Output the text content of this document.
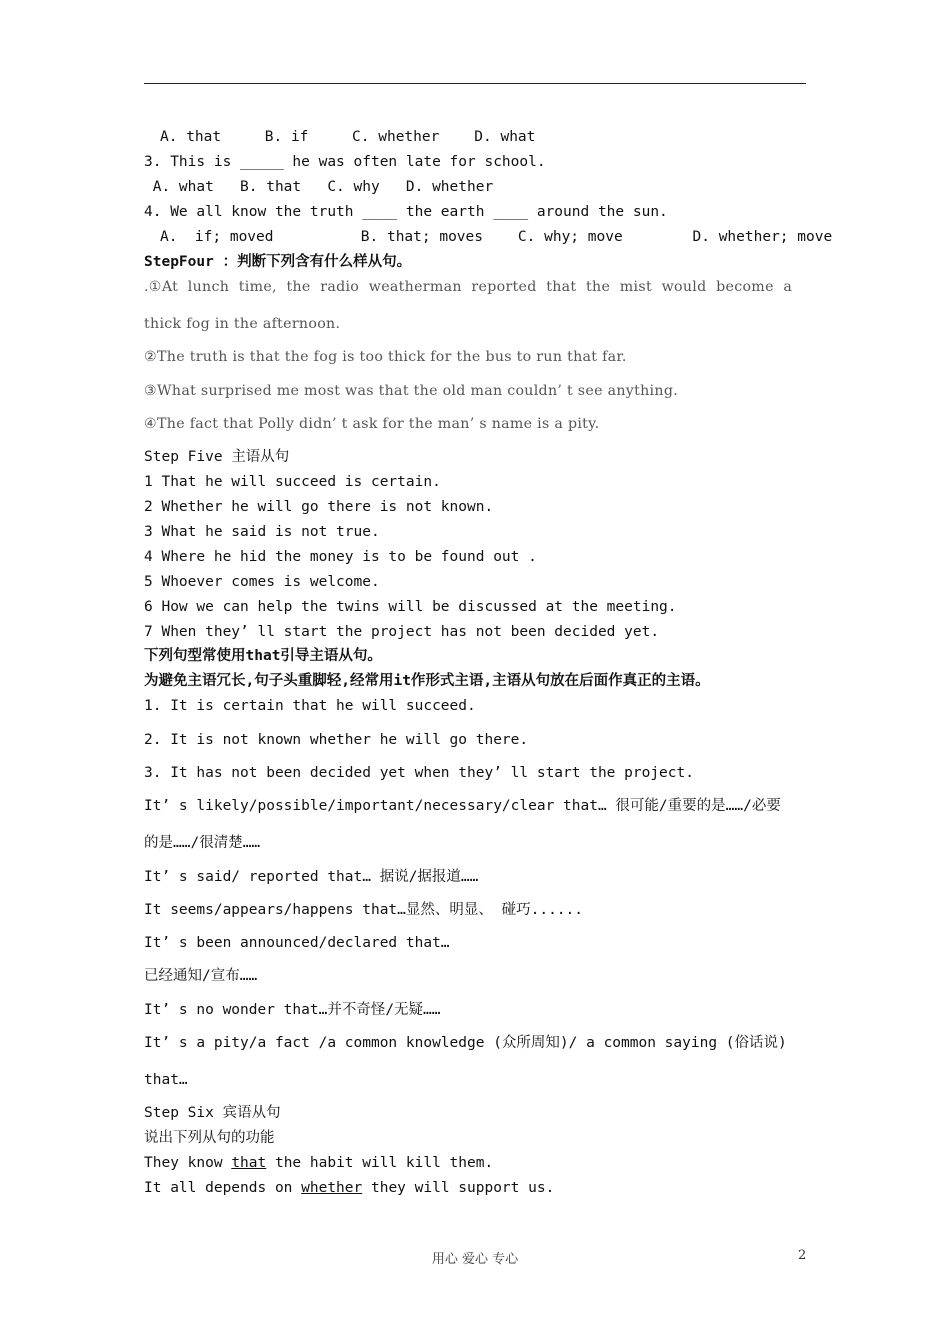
A. that     B. if     C. whether    D. what
3. This is _____ he was often late for school.
A. what   B. that   C. why   D. whether
4. We all know the truth ____ the earth ____ around the sun.
A.  if; moved          B. that; moves    C. why; move        D. whether; move
StepFour ：判断下列含有什么样从句。
.①At  lunch  time,  the  radio  weatherman  reported  that  the  mist  would  become  a
thick fog in the afternoon.
②The truth is that the fog is too thick for the bus to run that far.
③What surprised me most was that the old man couldn’ t see anything.
④The fact that Polly didn’ t ask for the man’ s name is a pity.
Step Five 主语从句
1 That he will succeed is certain.
2 Whether he will go there is not known.
3 What he said is not true.
4 Where he hid the money is to be found out .
5 Whoever comes is welcome.
6 How we can help the twins will be discussed at the meeting.
7 When they’ ll start the project has not been decided yet.
下列句型常使用that引导主语从句。
为避免主语冗长,句子头重脚轻,经常用it作形式主语,主语从句放在后面作真正的主语。
1. It is certain that he will succeed.
2. It is not known whether he will go there.
3. It has not been decided yet when they’ ll start the project.
It’ s likely/possible/important/necessary/clear that… 很可能/重要的是……/必要
的是……/很清楚……
It’ s said/ reported that… 据说/据报道……
It seems/appears/happens that…显然、明显、 碰巧......
It’ s been announced/declared that…
已经通知/宣布……
It’ s no wonder that…并不奇怪/无疑……
It’ s a pity/a fact /a common knowledge (众所周知)/ a common saying (俗话说)
that…
Step Six 宾语从句
说出下列从句的功能
They know that the habit will kill them.
It all depends on whether they will support us.
用心 爱心 专心	2
